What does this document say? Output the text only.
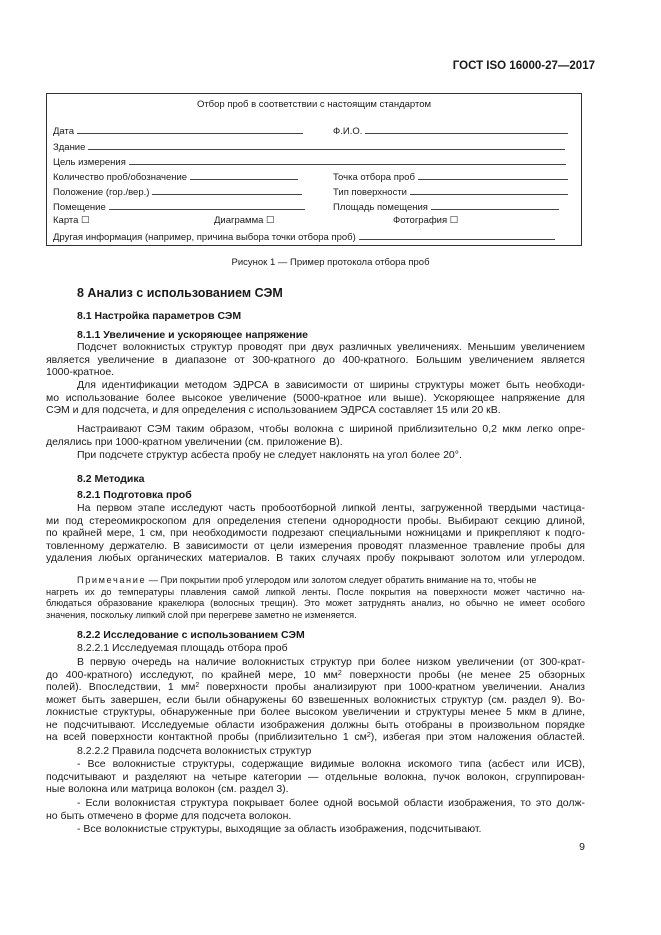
ГОСТ ISO 16000-27—2017
Отбор проб в соответствии с настоящим стандартом
Дата	Ф.И.О.
Здание
Цель измерения
Количество проб/обозначение	Точка отбора проб
Положение (гор./вер.)	Тип поверхности
Помещение	Площадь помещения
Карта ☐	Диаграмма ☐	Фотография ☐
Другая информация (например, причина выбора точки отбора проб)
Рисунок 1 — Пример протокола отбора проб
8 Анализ с использованием СЭМ
8.1 Настройка параметров СЭМ
8.1.1 Увеличение и ускоряющее напряжение
Подсчет волокнистых структур проводят при двух различных увеличениях. Меньшим увеличением
является увеличение в диапазоне от 300-кратного до 400-кратного. Большим увеличением является
1000-кратное.
Для идентификации методом ЭДРСА в зависимости от ширины структуры может быть необходи-
мо использование более высокое увеличение (5000-кратное или выше). Ускоряющее напряжение для
СЭМ и для подсчета, и для определения с использованием ЭДРСА составляет 15 или 20 кВ.
Настраивают СЭМ таким образом, чтобы волокна с шириной приблизительно 0,2 мкм легко опре-
делялись при 1000-кратном увеличении (см. приложение В).
При подсчете структур асбеста пробу не следует наклонять на угол более 20°.
8.2 Методика
8.2.1 Подготовка проб
На первом этапе исследуют часть пробоотборной липкой ленты, загруженной твердыми частица-
ми под стереомикроскопом для определения степени однородности пробы. Выбирают секцию длиной,
по крайней мере, 1 см, при необходимости подрезают специальными ножницами и прикрепляют к подго-
товленному держателю. В зависимости от цели измерения проводят плазменное травление пробы для
удаления любых органических материалов. В таких случаях пробу покрывают золотом или углеродом.
Примечание — При покрытии проб углеродом или золотом следует обратить внимание на то, чтобы не
нагреть их до температуры плавления самой липкой ленты. После покрытия на поверхности может частично на-
блюдаться образование кракелюра (волосных трещин). Это может затруднять анализ, но обычно не имеет особого
значения, поскольку липкий слой при перегреве заметно не изменяется.
8.2.2 Исследование с использованием СЭМ
8.2.2.1 Исследуемая площадь отбора проб
В первую очередь на наличие волокнистых структур при более низком увеличении (от 300-крат-
до 400-кратного) исследуют, по крайней мере, 10 $мм^2$ поверхности пробы (не менее 25 обзорных
полей). Впоследствии, 1 $мм^2$ поверхности пробы анализируют при 1000-кратном увеличении. Анализ
может быть завершен, если были обнаружены 60 взвешенных волокнистых структур (см. раздел 9). Во-
локнистые структуры, обнаруженные при более высоком увеличении и структуры менее 5 мкм в длине,
не подсчитывают. Исследуемые области изображения должны быть отобраны в произвольном порядке
на всей поверхности контактной пробы (приблизительно 1 $см^2$), избегая при этом наложения областей.
8.2.2.2 Правила подсчета волокнистых структур
- Все волокнистые структуры, содержащие видимые волокна искомого типа (асбест или ИСВ),
подсчитывают и разделяют на четыре категории — отдельные волокна, пучок волокон, сгруппирован-
ные волокна или матрица волокон (см. раздел 3).
- Если волокнистая структура покрывает более одной восьмой области изображения, то это долж-
но быть отмечено в форме для подсчета волокон.
- Все волокнистые структуры, выходящие за область изображения, подсчитывают.
9
